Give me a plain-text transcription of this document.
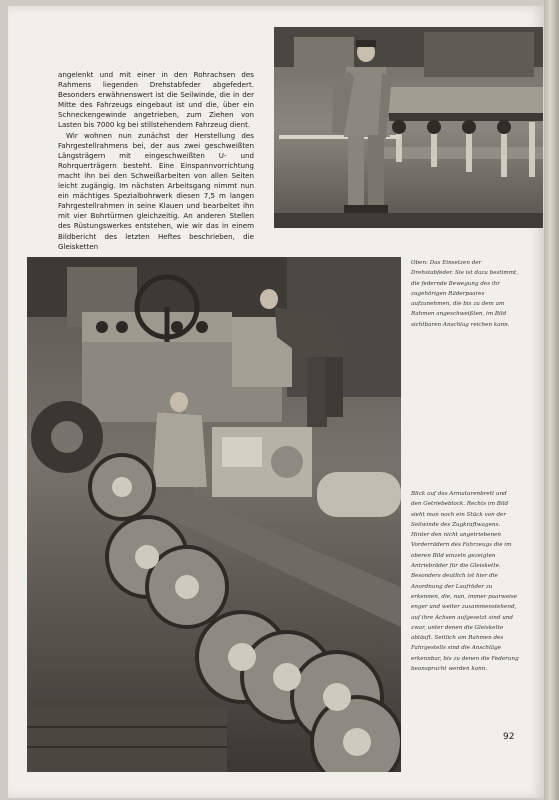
angelenkt und mit einer in den Rohrachsen des Rahmens liegenden Drehstabfeder abgefedert. Besonders erwähnenswert ist die Seilwinde, die in der Mitte des Fahrzeugs eingebaut ist und die, über ein Schneckengewinde angetrieben, zum Ziehen von Lasten bis 7000 kg bei stillstehendem Fahrzeug dient.

Wir wohnen nun zunächst der Herstellung des Fahrgestellrahmens bei, der aus zwei geschweißten Längsträgern mit eingeschweißten U- und Rohrquerträgern besteht. Eine Einspannvorrichtung macht ihn bei den Schweißarbeiten von allen Seiten leicht zugängig. Im nächsten Arbeitsgang nimmt nun ein mächtiges Spezialbohrwerk diesen 7,5 m langen Fahrgestellrahmen in seine Klauen und bearbeitet ihn mit vier Bohrtürmen gleichzeitig. An anderen Stellen des Rüstungswerkes entstehen, wie wir das in einem Bildbericht des letzten Heftes beschrieben, die Gleisketten

Oben: Das Einsetzen der Drehstabfeder. Sie ist dazu bestimmt, die federnde Bewegung des ihr zugehörigen Räderpaares aufzunehmen, die bis zu dem am Rahmen angeschweißten, im Bild sichtbaren Anschlag reichen kann.
Blick auf das Armaturenbrett und den Getriebeblock. Rechts im Bild sieht man noch ein Stück von der Seilwinde des Zugkraftwagens. Hinter den nicht angetriebenen Vorderrädern des Fahrzeugs die im oberen Bild einzeln gezeigten Antriebräder für die Gleiskette. Besonders deutlich ist hier die Anordnung der Laufräder zu erkennen, die, nun, immer paarweise enger und weiter zusammenstehend, auf ihre Achsen aufgesetzt sind und zwar, unter denen die Gleiskette abläuft. Seitlich am Rahmen des Fahrgestells sind die Anschläge erkennbar, bis zu denen die Federung beansprucht werden kann.
92
